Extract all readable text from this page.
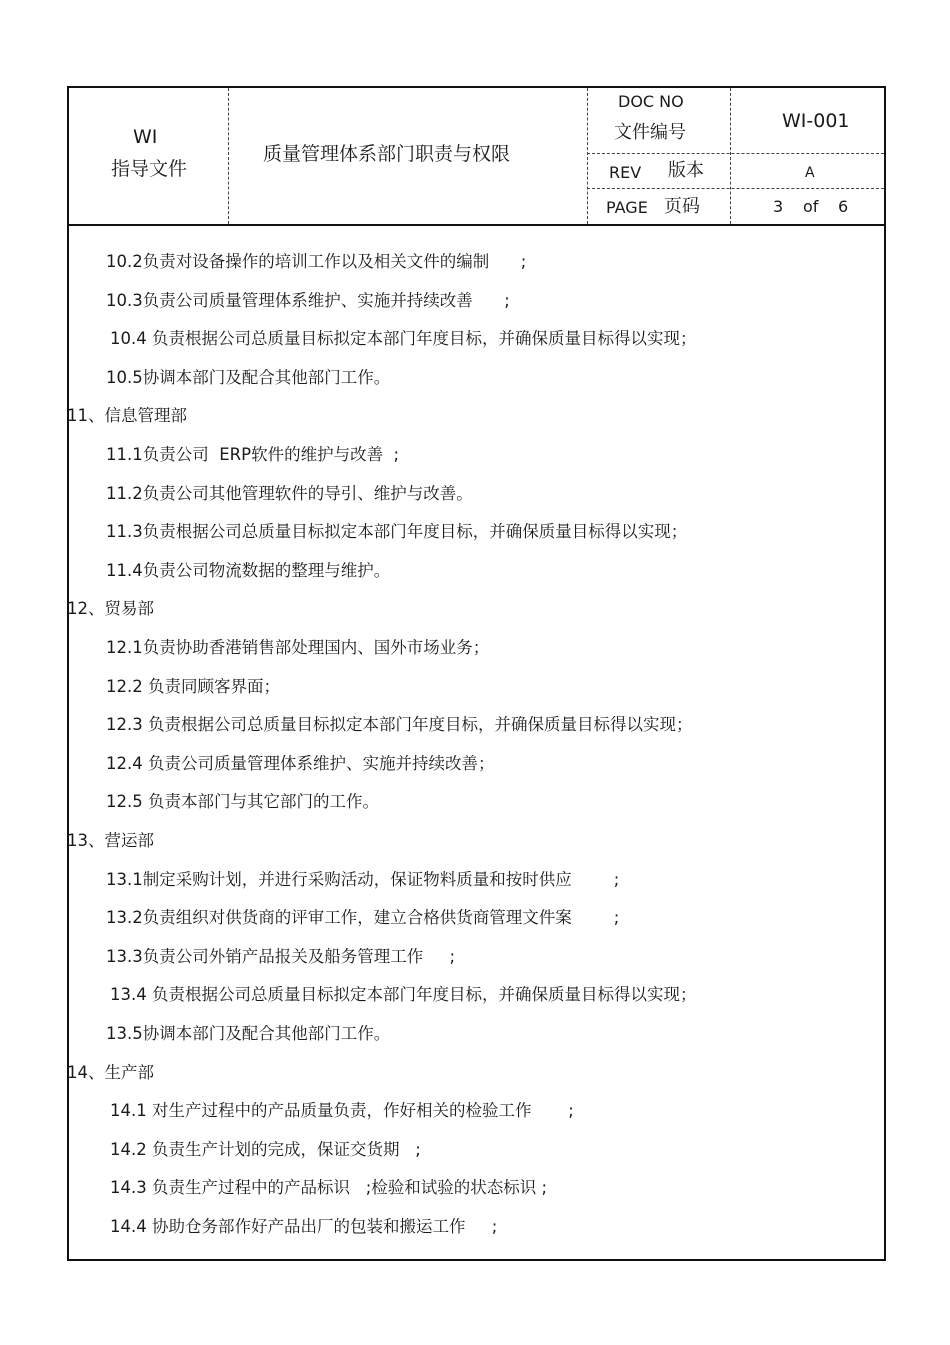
WI
指导文件
质量管理体系部门职责与权限
DOC NO
文件编号
WI-001
REV 版本	A
PAGE 页码	3 of 6
10.2负责对设备操作的培训工作以及相关文件的编制      ;
10.3负责公司质量管理体系维护、实施并持续改善      ;
10.4 负责根据公司总质量目标拟定本部门年度目标，并确保质量目标得以实现；
10.5协调本部门及配合其他部门工作。
11、信息管理部
11.1负责公司  ERP软件的维护与改善  ;
11.2负责公司其他管理软件的导引、维护与改善。
11.3负责根据公司总质量目标拟定本部门年度目标，并确保质量目标得以实现；
11.4负责公司物流数据的整理与维护。
12、贸易部
12.1负责协助香港销售部处理国内、国外市场业务；
12.2 负责同顾客界面；
12.3 负责根据公司总质量目标拟定本部门年度目标，并确保质量目标得以实现；
12.4 负责公司质量管理体系维护、实施并持续改善；
12.5 负责本部门与其它部门的工作。
13、营运部
13.1制定采购计划，并进行采购活动，保证物料质量和按时供应        ;
13.2负责组织对供货商的评审工作，建立合格供货商管理文件案        ;
13.3负责公司外销产品报关及船务管理工作     ;
13.4 负责根据公司总质量目标拟定本部门年度目标，并确保质量目标得以实现；
13.5协调本部门及配合其他部门工作。
14、生产部
14.1 对生产过程中的产品质量负责，作好相关的检验工作       ;
14.2 负责生产计划的完成，保证交货期   ;
14.3 负责生产过程中的产品标识   ;检验和试验的状态标识 ;
14.4 协助仓务部作好产品出厂的包装和搬运工作     ;
